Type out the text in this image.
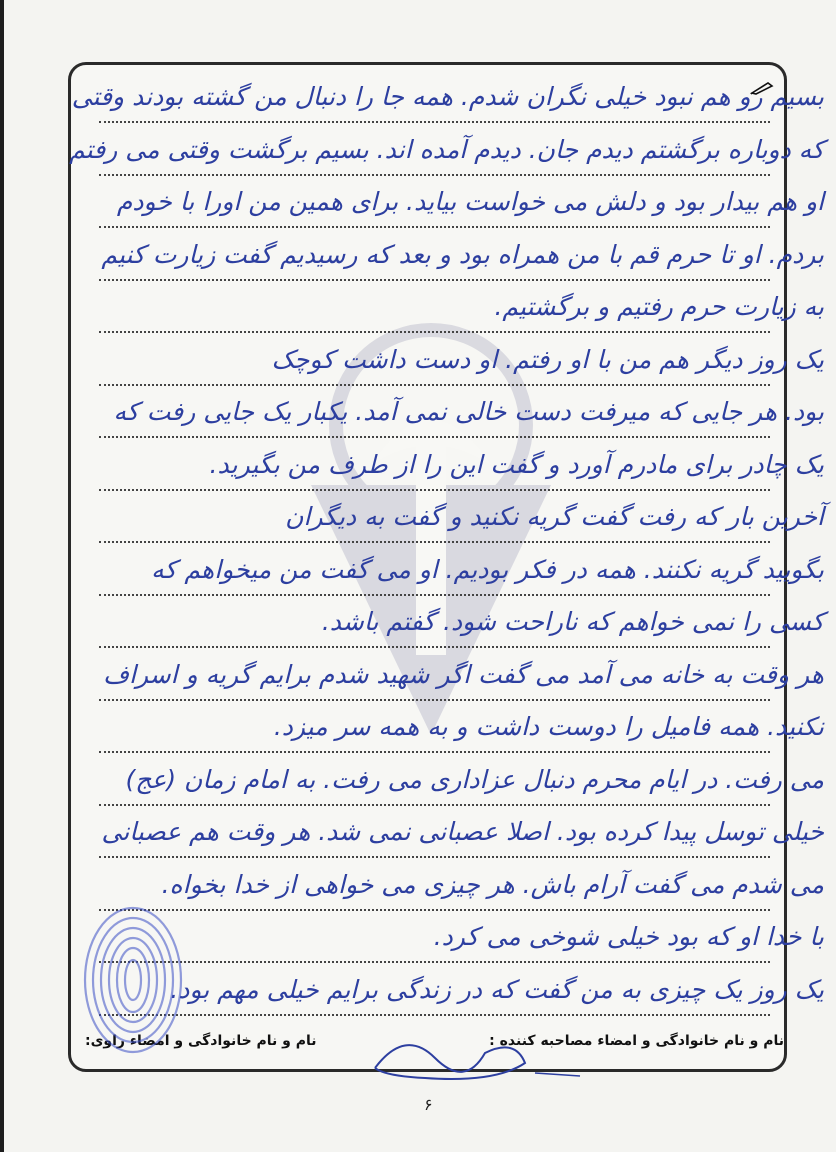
بسیم رو هم نبود خیلی نگران شدم. همه جا را دنبال من گشته بودند وقتی
که دوباره برگشتم دیدم جان. دیدم آمده اند. بسیم برگشت وقتی می رفتم
او هم بیدار بود و دلش می خواست بیاید. برای همین من اورا با خودم
بردم. او تا حرم قم با من همراه بود و بعد که رسیدیم گفت زیارت کنیم
به زیارت حرم رفتیم و برگشتیم.
یک روز دیگر هم من با او رفتم. او دست داشت کوچک
بود. هر جایی که میرفت دست خالی نمی آمد. یکبار یک جایی رفت که
یک چادر برای مادرم آورد و گفت این را از طرف من بگیرید.
آخرین بار که رفت گفت گریه نکنید و گفت به دیگران
بگویید گریه نکنند. همه در فکر بودیم. او می گفت من میخواهم که
کسی را نمی خواهم که ناراحت شود. گفتم باشد.
هر وقت به خانه می آمد می گفت اگر شهید شدم برایم گریه و اسراف
نکنید. همه فامیل را دوست داشت و به همه سر میزد.
می رفت. در ایام محرم دنبال عزاداری می رفت. به امام زمان (عج)
خیلی توسل پیدا کرده بود. اصلا عصبانی نمی شد. هر وقت هم عصبانی
می شدم می گفت آرام باش. هر چیزی می خواهی از خدا بخواه.
با خدا او که بود خیلی شوخی می کرد.
یک روز یک چیزی به من گفت که در زندگی برایم خیلی مهم بود.
نام و نام خانوادگی و امضاء مصاحبه کننده :
نام و نام خانوادگی و امضاء راوی:
۶
